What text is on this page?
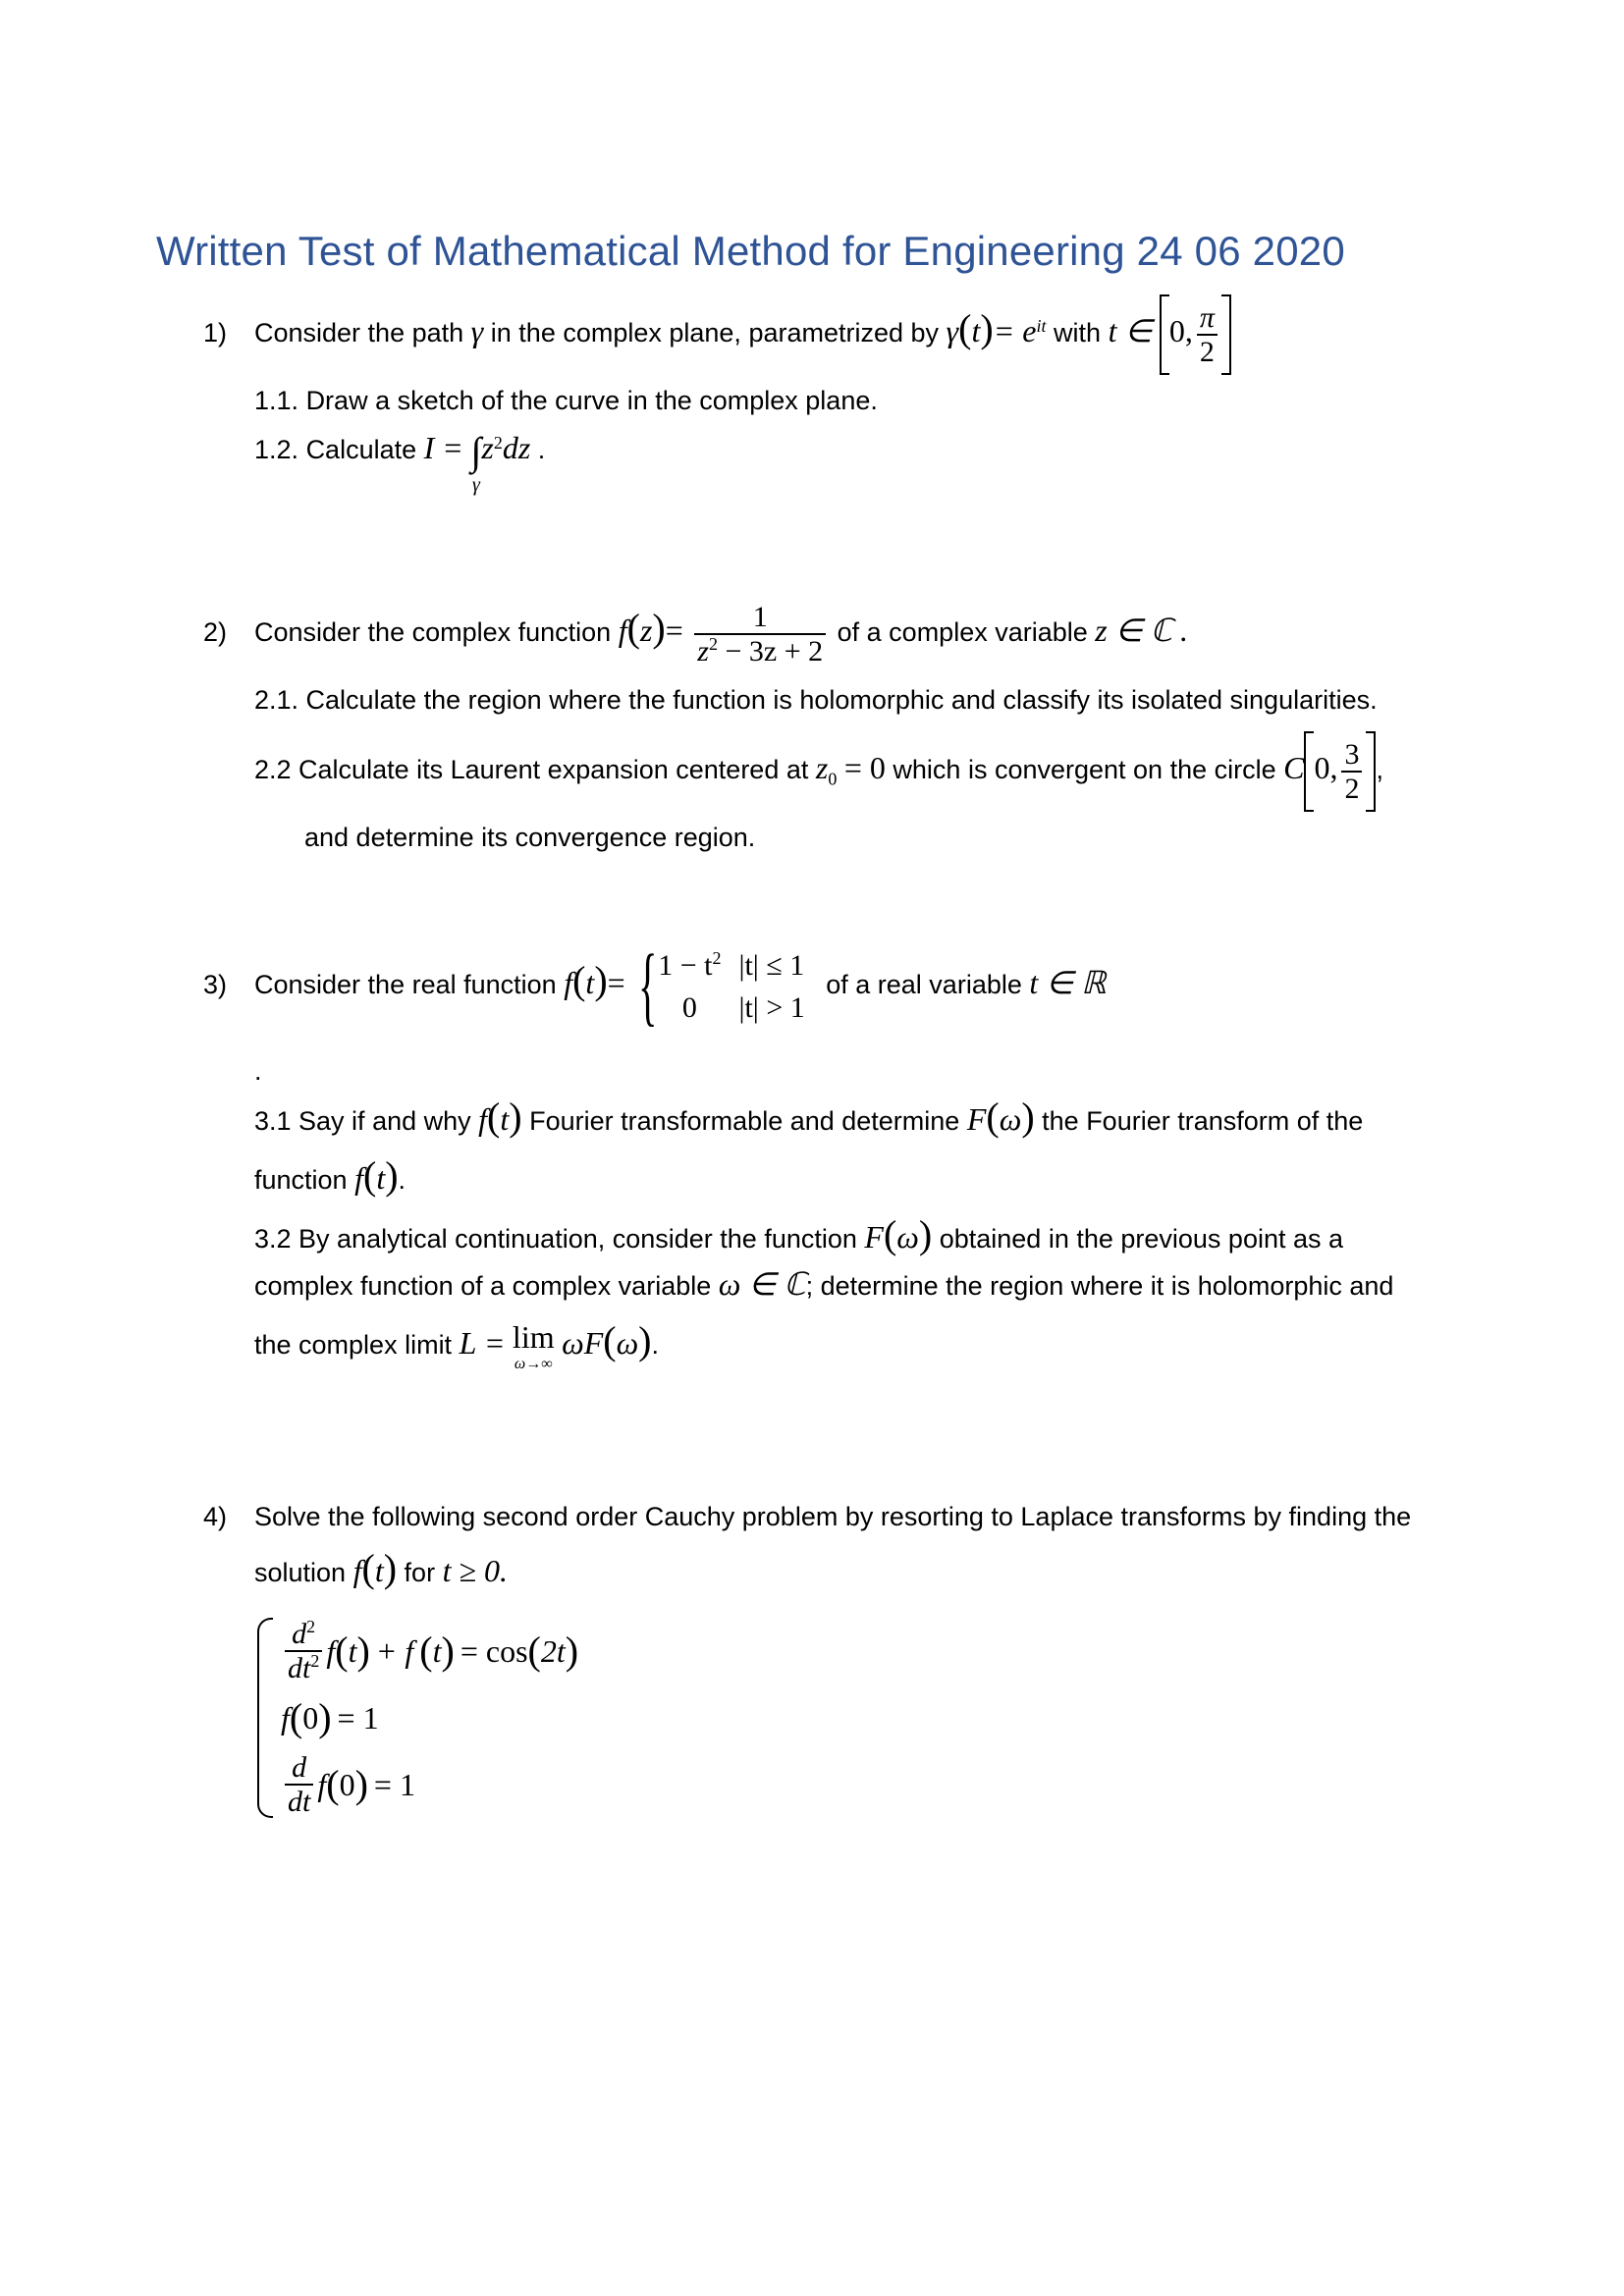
Written Test of Mathematical Method for Engineering 24 06 2020
1) Consider the path γ in the complex plane, parametrized by $\gamma(t)= e^{it}$ with t ∈ 0, $\frac{\pi}{2}$
1.1. Draw a sketch of the curve in the complex plane.
1.2. Calculate I = ∫
γ
$z^2dz$ .
2) Consider the complex function $f(z)= \frac{1}{z^2 - 3z + 2}$ of a complex variable z ∈ ℂ .
2.1. Calculate the region where the function is holomorphic and classify its isolated singularities.
2.2 Calculate its Laurent expansion centered at $z_0 = 0$ which is convergent on the circle C 0, $\frac{3}{2}$ ,
and determine its convergence region.
3) Consider the real function f(t)= { $1 - t^2$	|t| ≤ 1
0	|t| > 1
of a real variable t ∈ ℝ
.
3.1 Say if and why f(t) Fourier transformable and determine F(ω) the Fourier transform of the
function f(t).
3.2 By analytical continuation, consider the function F(ω) obtained in the previous point as a
complex function of a complex variable ω ∈ ℂ; determine the region where it is holomorphic and
the complex limit L = lim
ω→∞
ωF(ω).
4) Solve the following second order Cauchy problem by resorting to Laplace transforms by finding the
solution f(t) for t ≥ 0.
$\frac{d^2}{dt^2}$ f ( t ) + f ( t ) = cos ( 2t )
f ( 0 ) = 1
$\frac{d}{dt}$ f ( 0 ) = 1
